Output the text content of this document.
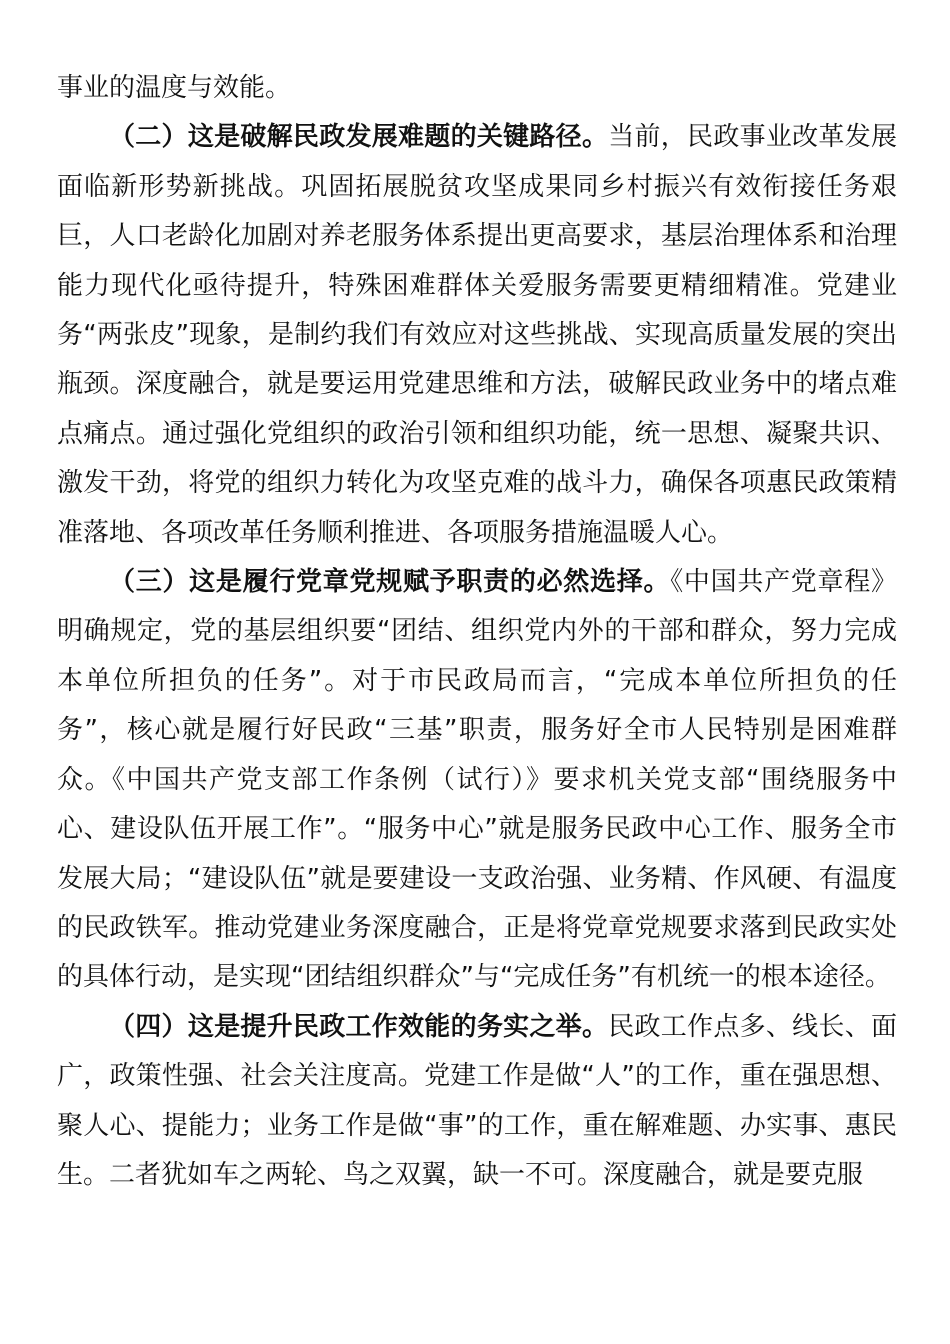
事业的温度与效能。

（二）这是破解民政发展难题的关键路径。当前，民政事业改革发展面临新形势新挑战。巩固拓展脱贫攻坚成果同乡村振兴有效衔接任务艰巨，人口老龄化加剧对养老服务体系提出更高要求，基层治理体系和治理能力现代化亟待提升，特殊困难群体关爱服务需要更精细精准。党建业务“两张皮”现象，是制约我们有效应对这些挑战、实现高质量发展的突出瓶颈。深度融合，就是要运用党建思维和方法，破解民政业务中的堵点难点痛点。通过强化党组织的政治引领和组织功能，统一思想、凝聚共识、激发干劲，将党的组织力转化为攻坚克难的战斗力，确保各项惠民政策精准落地、各项改革任务顺利推进、各项服务措施温暖人心。

（三）这是履行党章党规赋予职责的必然选择。《中国共产党章程》明确规定，党的基层组织要“团结、组织党内外的干部和群众，努力完成本单位所担负的任务”。对于市民政局而言，“完成本单位所担负的任务”，核心就是履行好民政“三基”职责，服务好全市人民特别是困难群众。《中国共产党支部工作条例（试行）》要求机关党支部“围绕服务中心、建设队伍开展工作”。“服务中心”就是服务民政中心工作、服务全市发展大局；“建设队伍”就是要建设一支政治强、业务精、作风硬、有温度的民政铁军。推动党建业务深度融合，正是将党章党规要求落到民政实处的具体行动，是实现“团结组织群众”与“完成任务”有机统一的根本途径。

（四）这是提升民政工作效能的务实之举。民政工作点多、线长、面广，政策性强、社会关注度高。党建工作是做“人”的工作，重在强思想、聚人心、提能力；业务工作是做“事”的工作，重在解难题、办实事、惠民生。二者犹如车之两轮、鸟之双翼，缺一不可。深度融合，就是要克服
